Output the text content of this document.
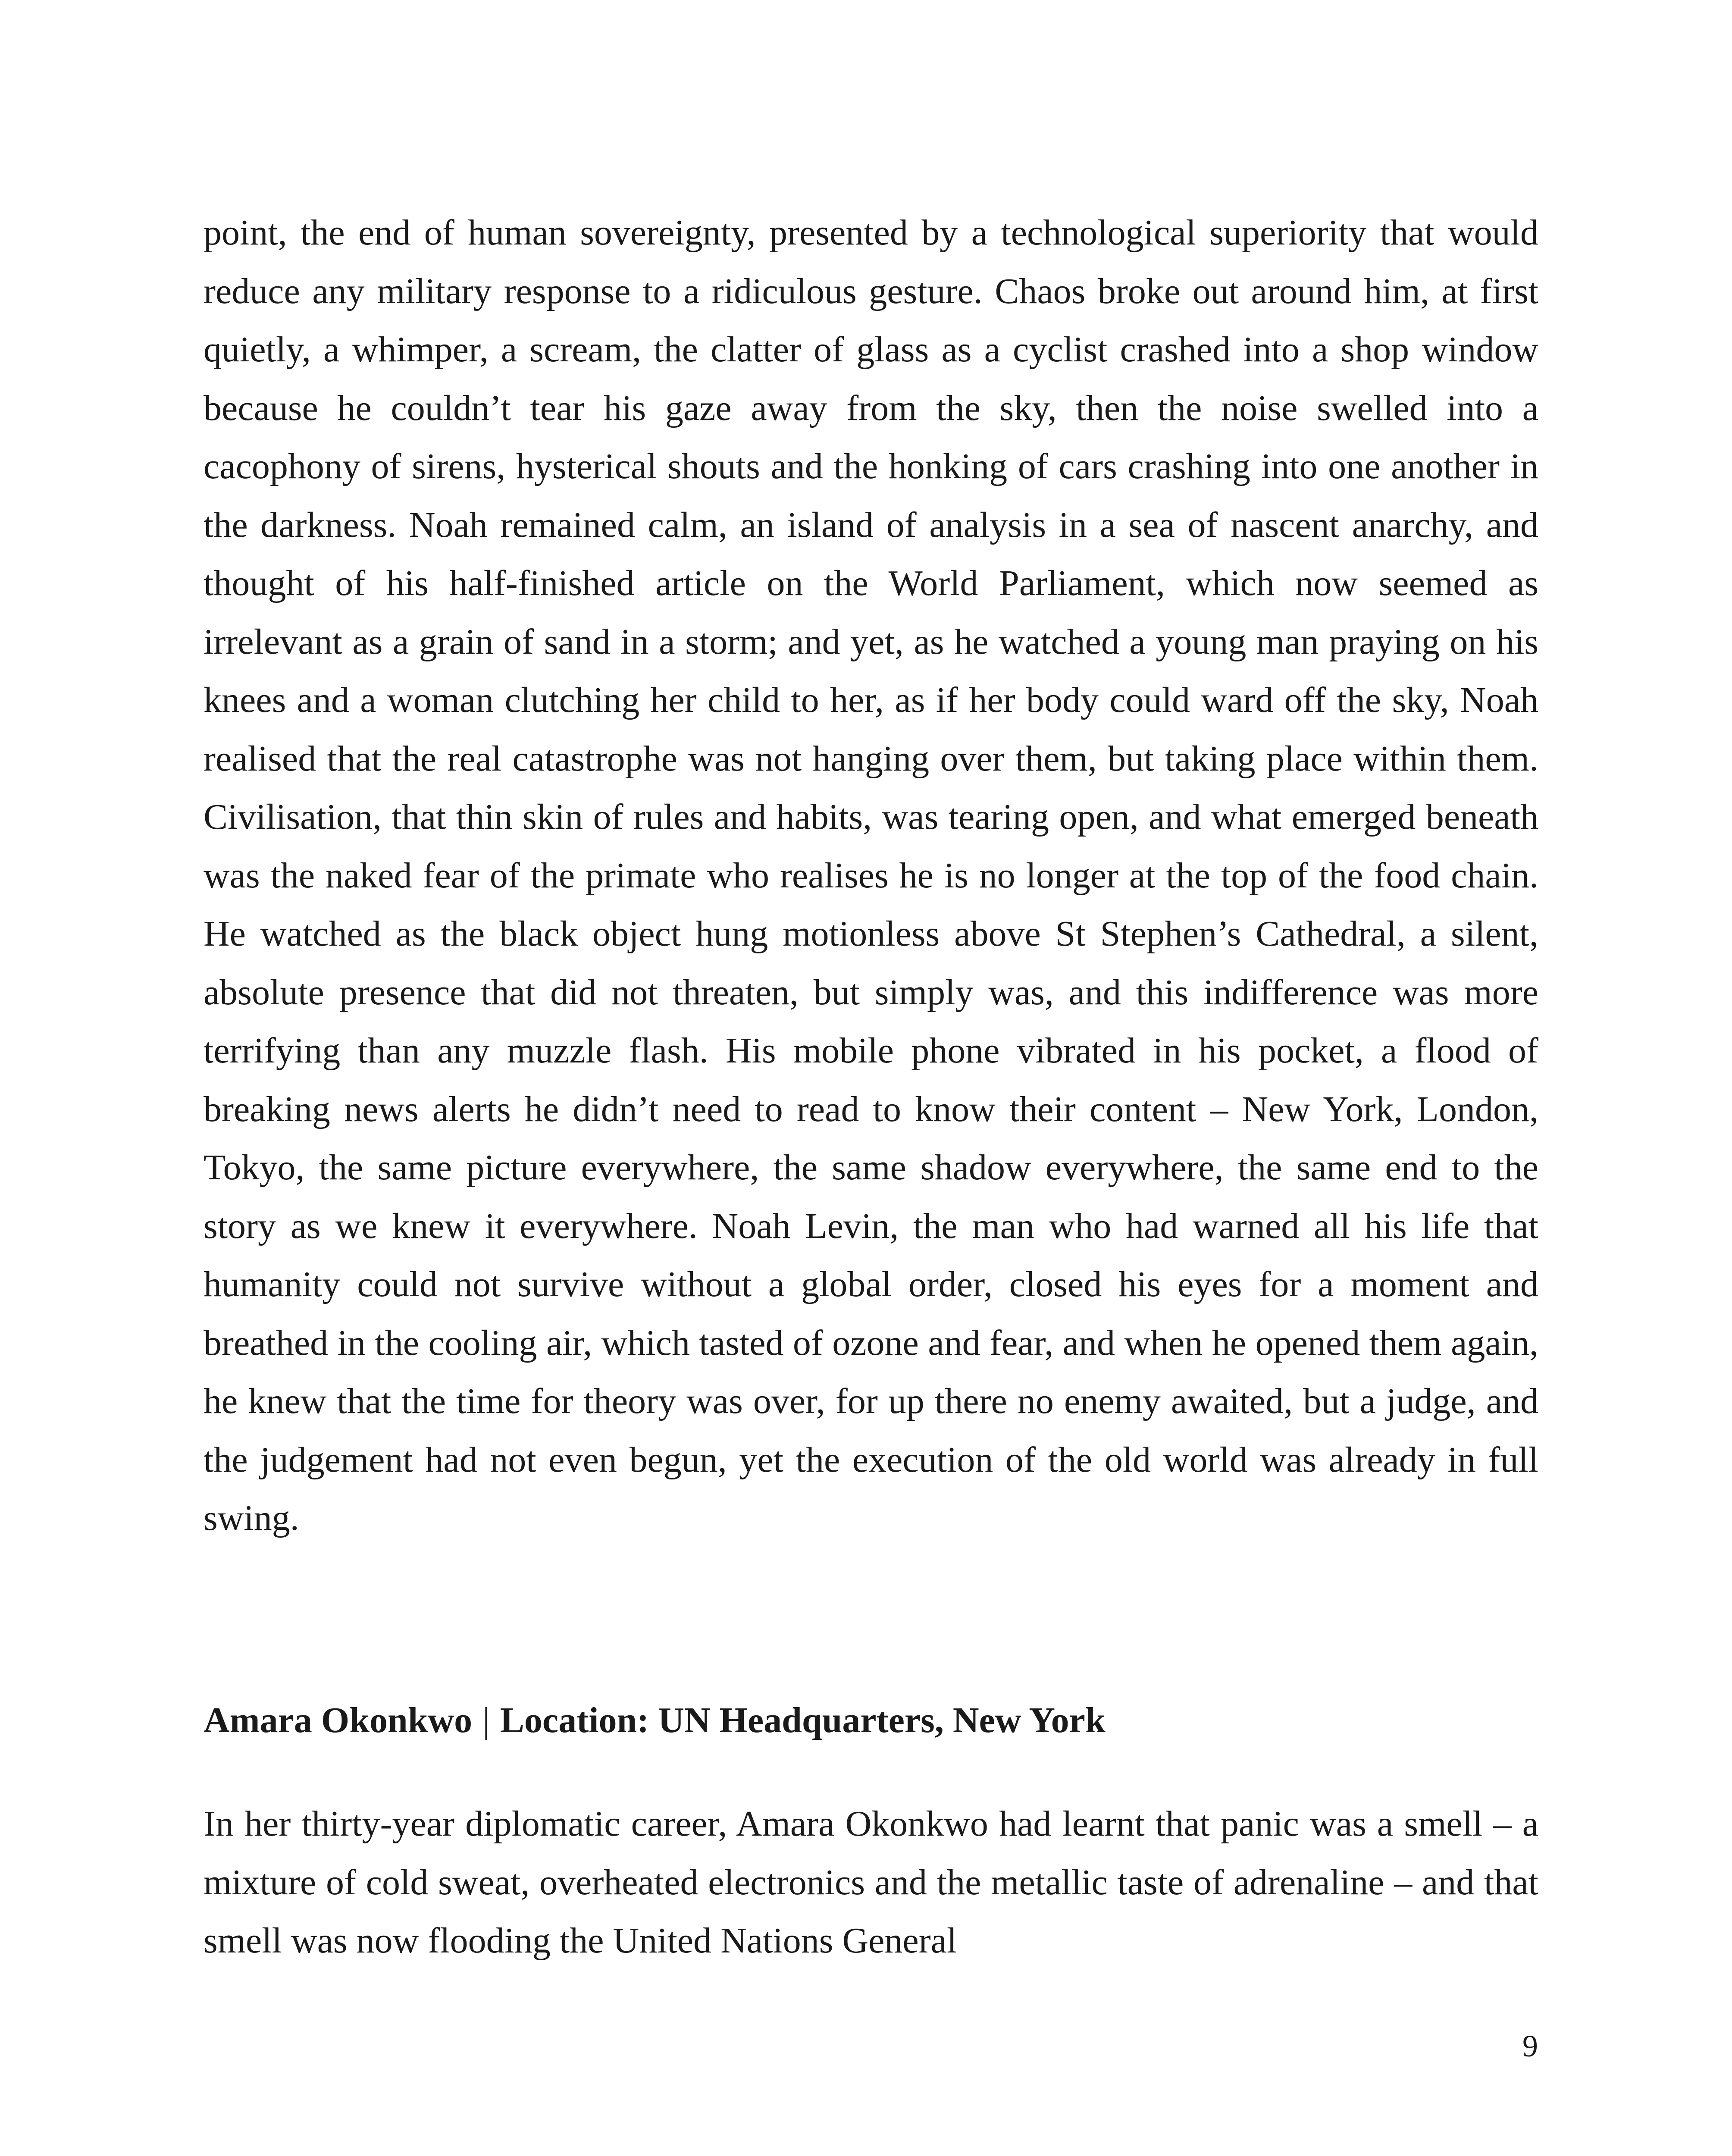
point, the end of human sovereignty, presented by a technological superiority that would reduce any military response to a ridiculous gesture. Chaos broke out around him, at first quietly, a whimper, a scream, the clatter of glass as a cyclist crashed into a shop window because he couldn’t tear his gaze away from the sky, then the noise swelled into a cacophony of sirens, hysterical shouts and the honking of cars crashing into one another in the darkness. Noah remained calm, an island of analysis in a sea of nascent anarchy, and thought of his half-finished article on the World Parliament, which now seemed as irrelevant as a grain of sand in a storm; and yet, as he watched a young man praying on his knees and a woman clutching her child to her, as if her body could ward off the sky, Noah realised that the real catastrophe was not hanging over them, but taking place within them. Civilisation, that thin skin of rules and habits, was tearing open, and what emerged beneath was the naked fear of the primate who realises he is no longer at the top of the food chain. He watched as the black object hung motionless above St Stephen’s Cathedral, a silent, absolute presence that did not threaten, but simply was, and this indifference was more terrifying than any muzzle flash. His mobile phone vibrated in his pocket, a flood of breaking news alerts he didn’t need to read to know their content – New York, London, Tokyo, the same picture everywhere, the same shadow everywhere, the same end to the story as we knew it everywhere. Noah Levin, the man who had warned all his life that humanity could not survive without a global order, closed his eyes for a moment and breathed in the cooling air, which tasted of ozone and fear, and when he opened them again, he knew that the time for theory was over, for up there no enemy awaited, but a judge, and the judgement had not even begun, yet the execution of the old world was already in full swing.

Amara Okonkwo | Location: UN Headquarters, New York

In her thirty-year diplomatic career, Amara Okonkwo had learnt that panic was a smell – a mixture of cold sweat, overheated electronics and the metallic taste of adrenaline – and that smell was now flooding the United Nations General

9
